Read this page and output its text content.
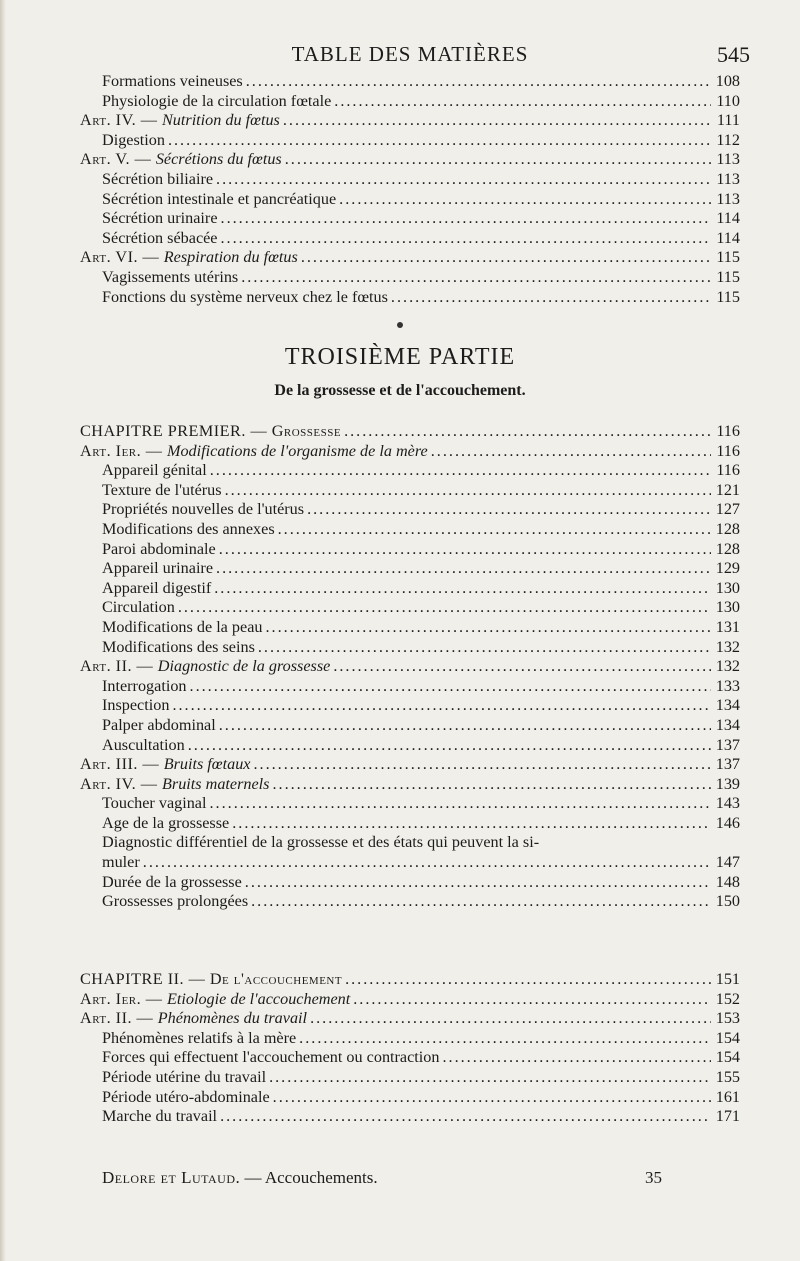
TABLE DES MATIÈRES	545
Formations veineuses .....	108
Physiologie de la circulation fœtale .....	110
Art. IV. — Nutrition du fœtus .....	111
Digestion .....	112
Art. V. — Sécrétions du fœtus .....	113
Sécrétion biliaire .....	113
Sécrétion intestinale et pancréatique .....	113
Sécrétion urinaire .....	114
Sécrétion sébacée .....	114
Art. VI. — Respiration du fœtus .....	115
Vagissements utérins .....	115
Fonctions du système nerveux chez le fœtus .....	115
TROISIÈME PARTIE
De la grossesse et de l'accouchement.
CHAPITRE PREMIER. — Grossesse .....	116
Art. Ier. — Modifications de l'organisme de la mère .....	116
Appareil génital .....	116
Texture de l'utérus .....	121
Propriétés nouvelles de l'utérus .....	127
Modifications des annexes .....	128
Paroi abdominale .....	128
Appareil urinaire .....	129
Appareil digestif .....	130
Circulation .....	130
Modifications de la peau .....	131
Modifications des seins .....	132
Art. II. — Diagnostic de la grossesse .....	132
Interrogation .....	133
Inspection .....	134
Palper abdominal .....	134
Auscultation .....	137
Art. III. — Bruits fœtaux .....	137
Art. IV. — Bruits maternels .....	139
Toucher vaginal .....	143
Age de la grossesse .....	146
Diagnostic différentiel de la grossesse et des états qui peuvent la si-
muler .....	147
Durée de la grossesse .....	148
Grossesses prolongées .....	150
CHAPITRE II. — De l'accouchement .....	151
Art. Ier. — Etiologie de l'accouchement .....	152
Art. II. — Phénomènes du travail .....	153
Phénomènes relatifs à la mère .....	154
Forces qui effectuent l'accouchement ou contraction .....	154
Période utérine du travail .....	155
Période utéro-abdominale .....	161
Marche du travail .....	171
Delore et Lutaud. — Accouchements.	35
